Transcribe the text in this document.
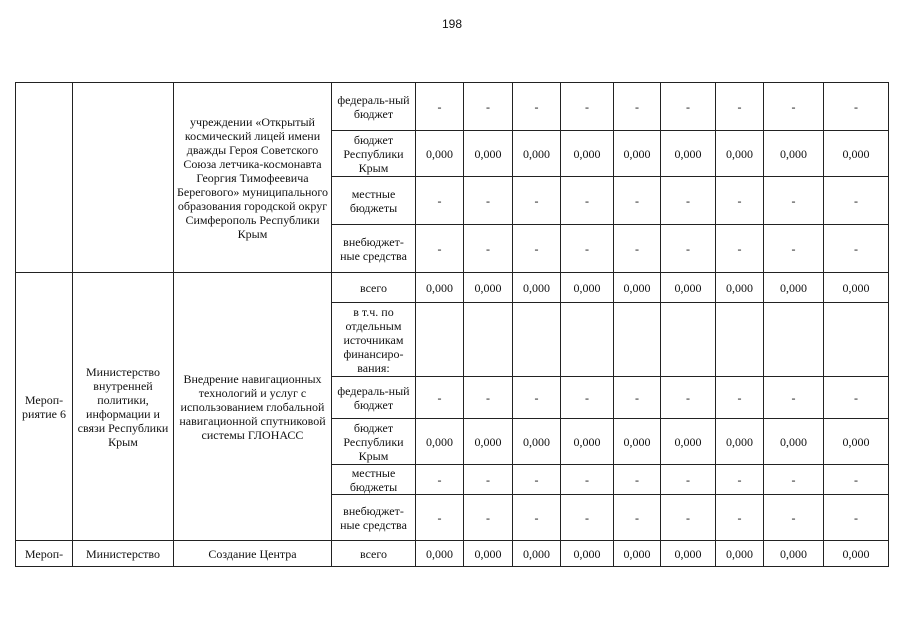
198
		учреждении «Открытый космический лицей имени дважды Героя Советского Союза летчика-космонавта Георгия Тимофеевича Берегового» муниципального образования городской округ Симферополь Республики Крым	федераль-ный бюджет	-	-	-	-	-	-	-	-	-
			бюджет Республики Крым	0,000	0,000	0,000	0,000	0,000	0,000	0,000	0,000	0,000
			местные бюджеты	-	-	-	-	-	-	-	-	-
			внебюджет-ные средства	-	-	-	-	-	-	-	-	-
Мероп-риятие 6	Министерство внутренней политики, информации и связи Республики Крым	Внедрение навигационных технологий и услуг с использованием глобальной навигационной спутниковой системы ГЛОНАСС	всего	0,000	0,000	0,000	0,000	0,000	0,000	0,000	0,000	0,000
			в т.ч. по отдельным источникам финансиро-вания:									
			федераль-ный бюджет	-	-	-	-	-	-	-	-	-
			бюджет Республики Крым	0,000	0,000	0,000	0,000	0,000	0,000	0,000	0,000	0,000
			местные бюджеты	-	-	-	-	-	-	-	-	-
			внебюджет-ные средства	-	-	-	-	-	-	-	-	-
Мероп-	Министерство	Создание Центра	всего	0,000	0,000	0,000	0,000	0,000	0,000	0,000	0,000	0,000
